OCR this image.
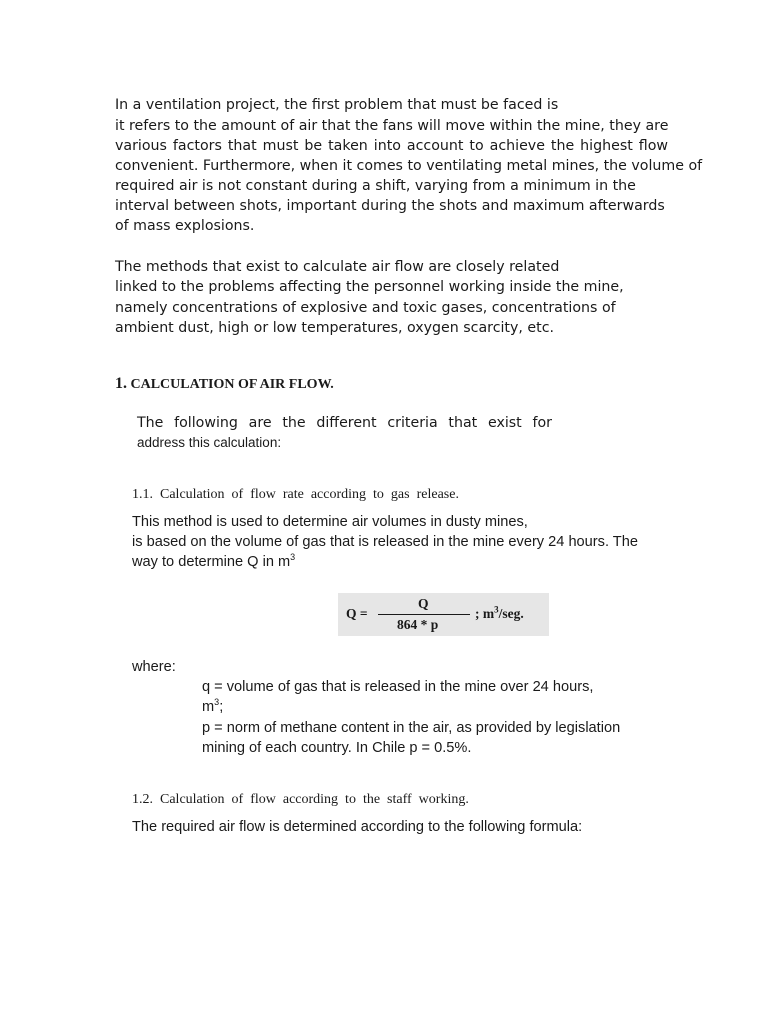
In a ventilation project, the first problem that must be faced is
it refers to the amount of air that the fans will move within the mine, they are
various factors that must be taken into account to achieve the highest flow
convenient. Furthermore, when it comes to ventilating metal mines, the volume of
required air is not constant during a shift, varying from a minimum in the
interval between shots, important during the shots and maximum afterwards
of mass explosions.
The methods that exist to calculate air flow are closely related
linked to the problems affecting the personnel working inside the mine,
namely concentrations of explosive and toxic gases, concentrations of
ambient dust, high or low temperatures, oxygen scarcity, etc.
1. CALCULATION OF AIR FLOW.
The following are the different criteria that exist for
address this calculation:
1.1.  Calculation  of  flow  rate  according  to  gas  release.
This method is used to determine air volumes in dusty mines,
is based on the volume of gas that is released in the mine every 24 hours. The
way to determine Q in $m^3$
Q =
Q
864 * p
; $m^3$/seg.
where:
q = volume of gas that is released in the mine over 24 hours,
$m^3$;
p = norm of methane content in the air, as provided by legislation
mining of each country. In Chile p = 0.5%.
1.2.  Calculation  of  flow  according  to  the  staff  working.
The required air flow is determined according to the following formula:
